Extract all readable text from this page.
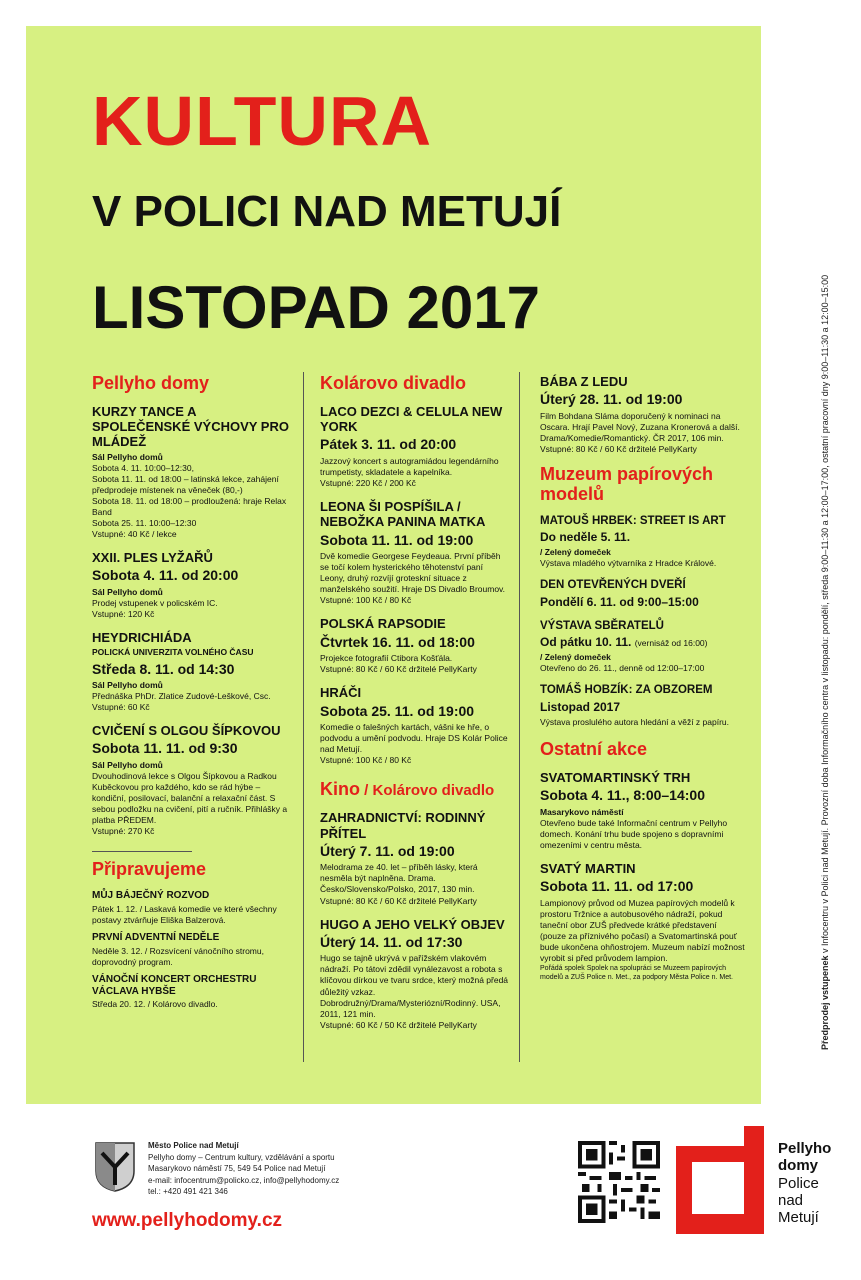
KULTURA
V POLICI NAD METUJÍ
LISTOPAD 2017
Pellyho domy
KURZY TANCE A SPOLEČENSKÉ VÝCHOVY PRO MLÁDEŽ
Sál Pellyho domů
Sobota 4. 11. 10:00–12:30,
Sobota 11. 11. od 18:00 – latinská lekce, zahájení předprodeje místenek na věneček (80,-)
Sobota 18. 11. od 18:00 – prodloužená: hraje Relax Band
Sobota 25. 11. 10:00–12:30
Vstupné: 40 Kč / lekce
XXII. PLES LYŽAŘŮ
Sobota 4. 11. od 20:00
Sál Pellyho domů
Prodej vstupenek v policském IC.
Vstupné: 120 Kč
HEYDRICHIÁDA
POLICKÁ UNIVERZITA VOLNÉHO ČASU
Středa 8. 11. od 14:30
Sál Pellyho domů
Přednáška PhDr. Zlatice Zudové-Leškové, Csc.
Vstupné: 60 Kč
CVIČENÍ S OLGOU ŠÍPKOVOU
Sobota 11. 11. od 9:30
Sál Pellyho domů
Dvouhodinová lekce s Olgou Šípkovou a Radkou Kuběckovou pro každého, kdo se rád hýbe – kondiční, posilovací, balanční a relaxační část. S sebou podložku na cvičení, pití a ručník. Přihlášky a platba PŘEDEM.
Vstupné: 270 Kč
Připravujeme
MŮJ BÁJEČNÝ ROZVOD
Pátek 1. 12. / Laskavá komedie ve které všechny postavy ztvárňuje Eliška Balzerová.
PRVNÍ ADVENTNÍ NEDĚLE
Neděle 3. 12. / Rozsvícení vánočního stromu, doprovodný program.
VÁNOČNÍ KONCERT ORCHESTRU VÁCLAVA HYBŠE
Středa 20. 12. / Kolárovo divadlo.
Kolárovo divadlo
LACO DEZCI & CELULA NEW YORK
Pátek 3. 11. od 20:00
Jazzový koncert s autogramiádou legendárního trumpetisty, skladatele a kapelníka.
Vstupné: 220 Kč / 200 Kč
LEONA ŠI POSPÍŠILA / NEBOŽKA PANINA MATKA
Sobota 11. 11. od 19:00
Dvě komedie Georgese Feydeaua. První příběh se točí kolem hysterického těhotenství paní Leony, druhý rozvíjí groteskní situace z manželského soužití. Hraje DS Divadlo Broumov.
Vstupné: 100 Kč / 80 Kč
POLSKÁ RAPSODIE
Čtvrtek 16. 11. od 18:00
Projekce fotografií Ctibora Košťála.
Vstupné: 80 Kč / 60 Kč držitelé PellyKarty
HRÁČI
Sobota 25. 11. od 19:00
Komedie o falešných kartách, vášni ke hře, o podvodu a umění podvodu. Hraje DS Kolár Police nad Metují.
Vstupné: 100 Kč / 80 Kč
Kino / Kolárovo divadlo
ZAHRADNICTVÍ: RODINNÝ PŘÍTEL
Úterý 7. 11. od 19:00
Melodrama ze 40. let – příběh lásky, která nesměla být naplněna. Drama. Česko/Slovensko/Polsko, 2017, 130 min.
Vstupné: 80 Kč / 60 Kč držitelé PellyKarty
HUGO A JEHO VELKÝ OBJEV
Úterý 14. 11. od 17:30
Hugo se tajně ukrývá v pařížském vlakovém nádraží. Po tátovi zdědil vynálezavost a robota s klíčovou dírkou ve tvaru srdce, který možná předá důležitý vzkaz.
Dobrodružný/Drama/Mysteriózní/Rodinný. USA, 2011, 121 min.
Vstupné: 60 Kč / 50 Kč držitelé PellyKarty
BÁBA Z LEDU
Úterý 28. 11. od 19:00
Film Bohdana Sláma doporučený k nominaci na Oscara. Hrají Pavel Nový, Zuzana Kronerová a další. Drama/Komedie/Romantický. ČR 2017, 106 min. Vstupné: 80 Kč / 60 Kč držitelé PellyKarty
Muzeum papírových modelů
MATOUŠ HRBEK: STREET IS ART
Do neděle 5. 11.
/ Zelený domeček
Výstava mladého výtvarníka z Hradce Králové.
DEN OTEVŘENÝCH DVEŘÍ
Pondělí 6. 11. od 9:00–15:00
VÝSTAVA SBĚRATELŮ
Od pátku 10. 11. (vernisáž od 16:00)
/ Zelený domeček
Otevřeno do 26. 11., denně od 12:00–17:00
TOMÁŠ HOBZÍK: ZA OBZOREM
Listopad 2017
Výstava proslulého autora hledání a věží z papíru.
Ostatní akce
SVATOMARTINSKÝ TRH
Sobota 4. 11., 8:00–14:00
Masarykovo náměstí
Otevřeno bude také Informační centrum v Pellyho domech. Konání trhu bude spojeno s dopravními omezeními v centru města.
SVATÝ MARTIN
Sobota 11. 11. od 17:00
Lampionový průvod od Muzea papírových modelů k prostoru Tržnice a autobusového nádraží, pokud taneční obor ZUŠ předvede krátké představení (pouze za příznivého počasí) a Svatomartinská pouť bude ukončena ohňostrojem. Muzeum nabízí možnost vyrobit si před průvodem lampion.
Pořádá spolek Spolek na spolupráci se Muzeem papírových modelů a ZUŠ Police n. Met., za podpory Města Police n. Met.	Předprodej vstupenek v Infocentru v Polici nad Metují. Provozní doba Informačního centra v listopadu: pondělí, středa 9:00–11:30 a 12:00–17:00, ostatní pracovní dny 9:00–11:30 a 12:00–15:00
Město Police nad Metují
Pellyho domy – Centrum kultury, vzdělávání a sportu
Masarykovo náměstí 75, 549 54 Police nad Metují
e-mail: infocentrum@policko.cz, info@pellyhodomy.cz
tel.: +420 491 421 346
www.pellyhodomy.cz
Pellyho
domy
Police
nad
Metují
